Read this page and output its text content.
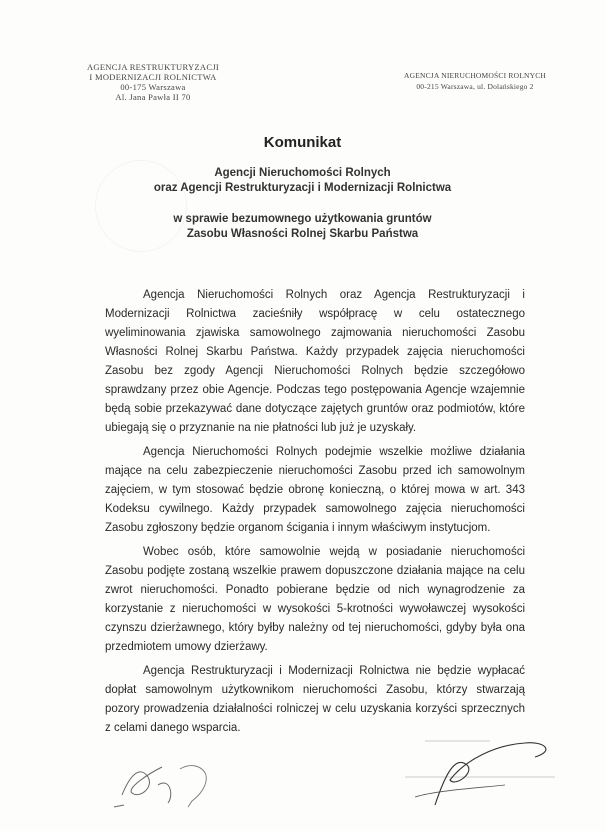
AGENCJA RESTRUKTURYZACJI
I MODERNIZACJI ROLNICTWA
00-175 Warszawa
Al. Jana Pawła II 70
AGENCJA NIERUCHOMOŚCI ROLNYCH
00-215 Warszawa, ul. Dolańskiego 2
Komunikat
Agencji Nieruchomości Rolnych
oraz Agencji Restrukturyzacji i Modernizacji Rolnictwa
w sprawie bezumownego użytkowania gruntów
Zasobu Własności Rolnej Skarbu Państwa

Agencja Nieruchomości Rolnych oraz Agencja Restrukturyzacji i Modernizacji Rolnictwa zacieśniły współpracę w celu ostatecznego wyeliminowania zjawiska samowolnego zajmowania nieruchomości Zasobu Własności Rolnej Skarbu Państwa. Każdy przypadek zajęcia nieruchomości Zasobu bez zgody Agencji Nieruchomości Rolnych będzie szczegółowo sprawdzany przez obie Agencje. Podczas tego postępowania Agencje wzajemnie będą sobie przekazywać dane dotyczące zajętych gruntów oraz podmiotów, które ubiegają się o przyznanie na nie płatności lub już je uzyskały.

Agencja Nieruchomości Rolnych podejmie wszelkie możliwe działania mające na celu zabezpieczenie nieruchomości Zasobu przed ich samowolnym zajęciem, w tym stosować będzie obronę konieczną, o której mowa w art. 343 Kodeksu cywilnego. Każdy przypadek samowolnego zajęcia nieruchomości Zasobu zgłoszony będzie organom ścigania i innym właściwym instytucjom.

Wobec osób, które samowolnie wejdą w posiadanie nieruchomości Zasobu podjęte zostaną wszelkie prawem dopuszczone działania mające na celu zwrot nieruchomości. Ponadto pobierane będzie od nich wynagrodzenie za korzystanie z nieruchomości w wysokości 5-krotności wywoławczej wysokości czynszu dzierżawnego, który byłby należny od tej nieruchomości, gdyby była ona przedmiotem umowy dzierżawy.

Agencja Restrukturyzacji i Modernizacji Rolnictwa nie będzie wypłacać dopłat samowolnym użytkownikom nieruchomości Zasobu, którzy stwarzają pozory prowadzenia działalności rolniczej w celu uzyskania korzyści sprzecznych z celami danego wsparcia.
